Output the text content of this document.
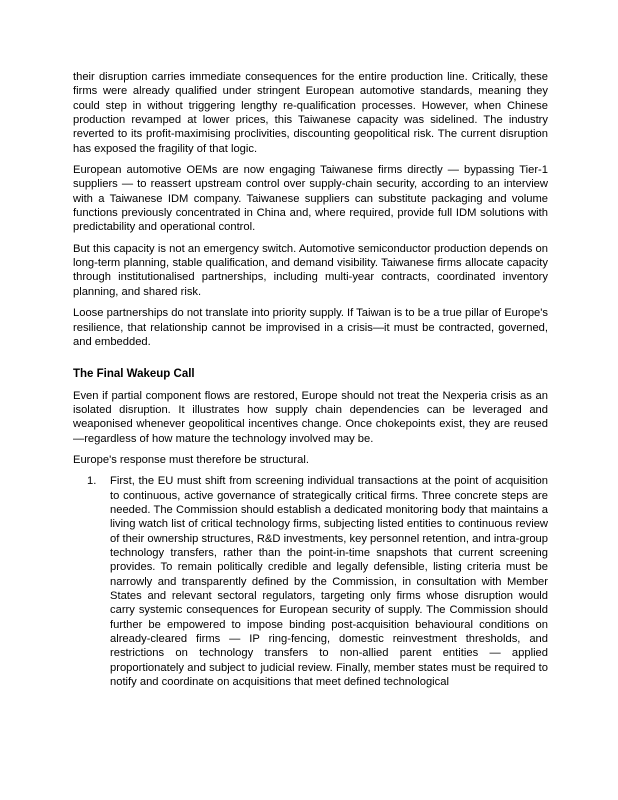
their disruption carries immediate consequences for the entire production line. Critically, these firms were already qualified under stringent European automotive standards, meaning they could step in without triggering lengthy re-qualification processes. However, when Chinese production revamped at lower prices, this Taiwanese capacity was sidelined. The industry reverted to its profit-maximising proclivities, discounting geopolitical risk. The current disruption has exposed the fragility of that logic.

European automotive OEMs are now engaging Taiwanese firms directly — bypassing Tier-1 suppliers — to reassert upstream control over supply-chain security, according to an interview with a Taiwanese IDM company. Taiwanese suppliers can substitute packaging and volume functions previously concentrated in China and, where required, provide full IDM solutions with predictability and operational control.

But this capacity is not an emergency switch. Automotive semiconductor production depends on long-term planning, stable qualification, and demand visibility. Taiwanese firms allocate capacity through institutionalised partnerships, including multi-year contracts, coordinated inventory planning, and shared risk.

Loose partnerships do not translate into priority supply. If Taiwan is to be a true pillar of Europe's resilience, that relationship cannot be improvised in a crisis—it must be contracted, governed, and embedded.

The Final Wakeup Call

Even if partial component flows are restored, Europe should not treat the Nexperia crisis as an isolated disruption. It illustrates how supply chain dependencies can be leveraged and weaponised whenever geopolitical incentives change. Once chokepoints exist, they are reused—regardless of how mature the technology involved may be.

Europe's response must therefore be structural.

1.	First, the EU must shift from screening individual transactions at the point of acquisition to continuous, active governance of strategically critical firms. Three concrete steps are needed. The Commission should establish a dedicated monitoring body that maintains a living watch list of critical technology firms, subjecting listed entities to continuous review of their ownership structures, R&D investments, key personnel retention, and intra-group technology transfers, rather than the point-in-time snapshots that current screening provides. To remain politically credible and legally defensible, listing criteria must be narrowly and transparently defined by the Commission, in consultation with Member States and relevant sectoral regulators, targeting only firms whose disruption would carry systemic consequences for European security of supply. The Commission should further be empowered to impose binding post-acquisition behavioural conditions on already-cleared firms — IP ring-fencing, domestic reinvestment thresholds, and restrictions on technology transfers to non-allied parent entities — applied proportionately and subject to judicial review. Finally, member states must be required to notify and coordinate on acquisitions that meet defined technological
